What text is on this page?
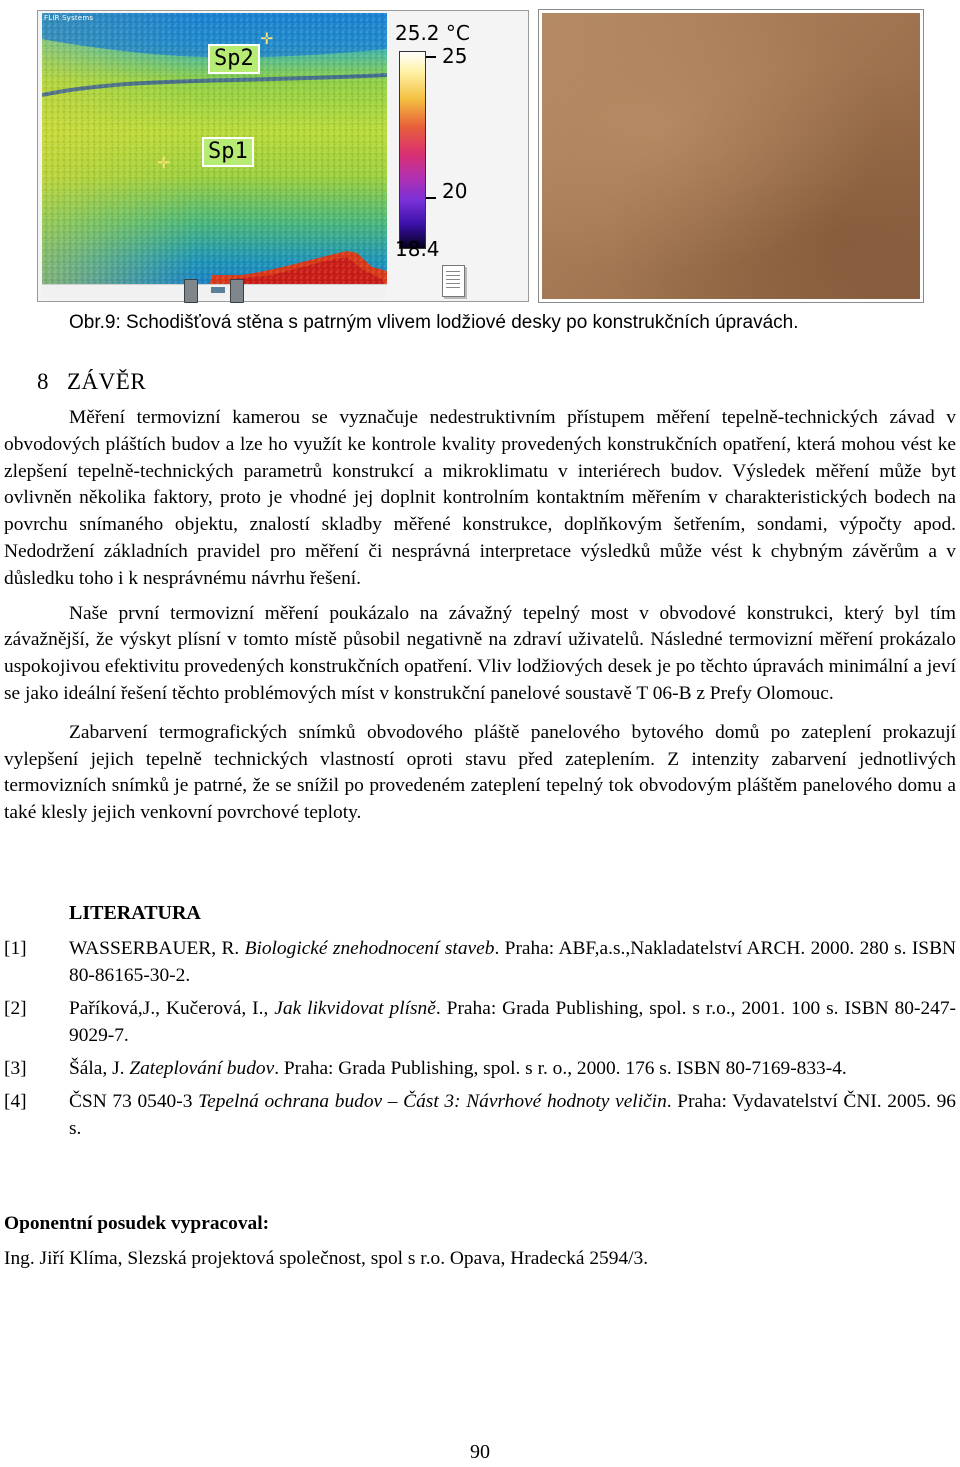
FLIR Systems
✛
✛
Sp2
Sp1
25.2 °C
25
20
18.4
Obr.9: Schodišťová stěna s patrným vlivem lodžiové desky po konstrukčních úpravách.
8 ZÁVĚR

Měření termovizní kamerou se vyznačuje nedestruktivním přístupem měření tepelně-technických závad v obvodových pláštích budov a lze ho využít ke kontrole kvality provedených konstrukčních opatření, která mohou vést ke zlepšení tepelně-technických parametrů konstrukcí a mikroklimatu v interiérech budov. Výsledek měření může byt ovlivněn několika faktory, proto je vhodné jej doplnit kontrolním kontaktním měřením v charakteristických bodech na povrchu snímaného objektu, znalostí skladby měřené konstrukce, doplňkovým šetřením, sondami, výpočty apod. Nedodržení základních pravidel pro měření či nesprávná interpretace výsledků může vést k chybným závěrům a v důsledku toho i k nesprávnému návrhu řešení.

Naše první termovizní měření poukázalo na závažný tepelný most v obvodové konstrukci, který byl tím závažnější, že výskyt plísní v tomto místě působil negativně na zdraví uživatelů. Následné termovizní měření prokázalo uspokojivou efektivitu provedených konstrukčních opatření. Vliv lodžiových desek je po těchto úpravách minimální a jeví se jako ideální řešení těchto problémových míst v konstrukční panelové soustavě T 06-B z Prefy Olomouc.

Zabarvení termografických snímků obvodového pláště panelového bytového domů po zateplení prokazují vylepšení jejich tepelně technických vlastností oproti stavu před zateplením. Z intenzity zabarvení jednotlivých termovizních snímků je patrné, že se snížil po provedeném zateplení tepelný tok obvodovým pláštěm panelového domu a také klesly jejich venkovní povrchové teploty.

LITERATURA
[1]	WASSERBAUER, R. Biologické znehodnocení staveb. Praha: ABF,a.s.,Nakladatelství ARCH. 2000. 280 s. ISBN 80-86165-30-2.
[2]	Paříková,J., Kučerová, I., Jak likvidovat plísně. Praha: Grada Publishing, spol. s r.o., 2001. 100 s. ISBN 80-247-9029-7.
[3]	Šála, J. Zateplování budov. Praha: Grada Publishing, spol. s r. o., 2000. 176 s. ISBN 80-7169-833-4.
[4]	ČSN 73 0540-3 Tepelná ochrana budov – Část 3: Návrhové hodnoty veličin. Praha: Vydavatelství ČNI. 2005. 96 s.
Oponentní posudek vypracoval:
Ing. Jiří Klíma, Slezská projektová společnost, spol s r.o. Opava, Hradecká 2594/3.
90
